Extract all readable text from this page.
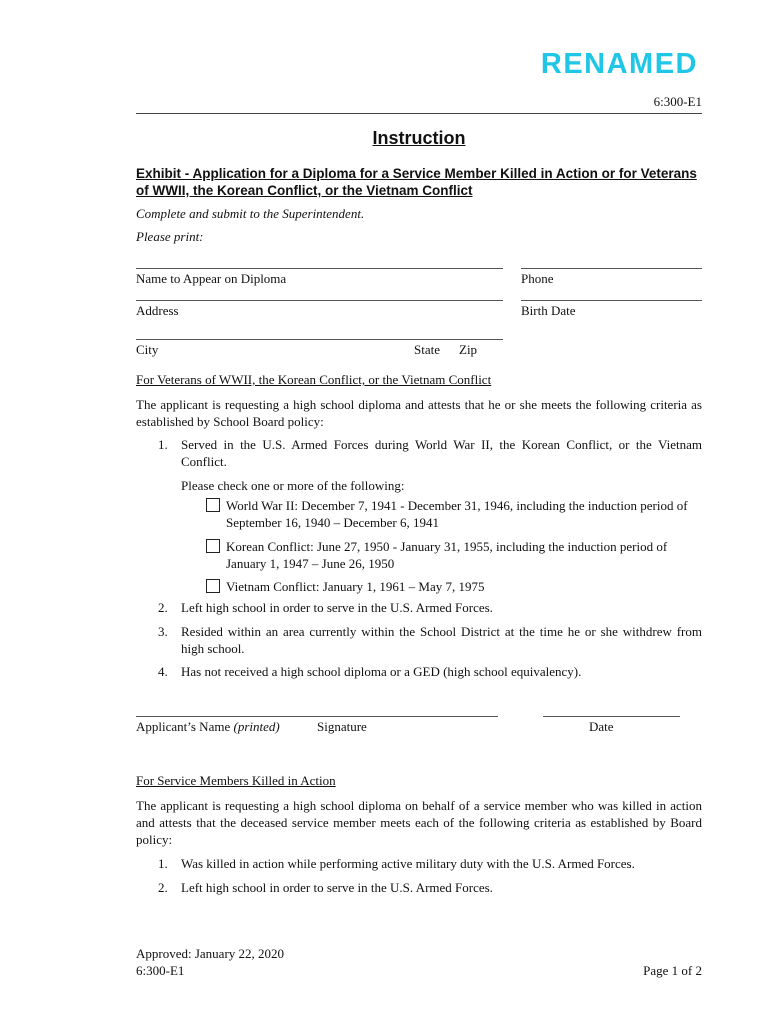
RENAMED
6:300-E1
Instruction
Exhibit - Application for a Diploma for a Service Member Killed in Action or for Veterans of WWII, the Korean Conflict, or the Vietnam Conflict
Complete and submit to the Superintendent.
Please print:
Name to Appear on Diploma	Phone
Address	Birth Date
City	State Zip
For Veterans of WWII, the Korean Conflict, or the Vietnam Conflict
The applicant is requesting a high school diploma and attests that he or she meets the following criteria as established by School Board policy:
1.	Served in the U.S. Armed Forces during World War II, the Korean Conflict, or the Vietnam Conflict.
Please check one or more of the following:
World War II: December 7, 1941 - December 31, 1946, including the induction period of September 16, 1940 – December 6, 1941
Korean Conflict: June 27, 1950 - January 31, 1955, including the induction period of January 1, 1947 – June 26, 1950
Vietnam Conflict: January 1, 1961 – May 7, 1975
2.	Left high school in order to serve in the U.S. Armed Forces.
3.	Resided within an area currently within the School District at the time he or she withdrew from high school.
4.	Has not received a high school diploma or a GED (high school equivalency).
Applicant’s Name (printed)	Signature	Date
For Service Members Killed in Action
The applicant is requesting a high school diploma on behalf of a service member who was killed in action and attests that the deceased service member meets each of the following criteria as established by Board policy:
1.	Was killed in action while performing active military duty with the U.S. Armed Forces.
2.	Left high school in order to serve in the U.S. Armed Forces.
Approved: January 22, 2020
6:300-E1	Page 1 of 2
